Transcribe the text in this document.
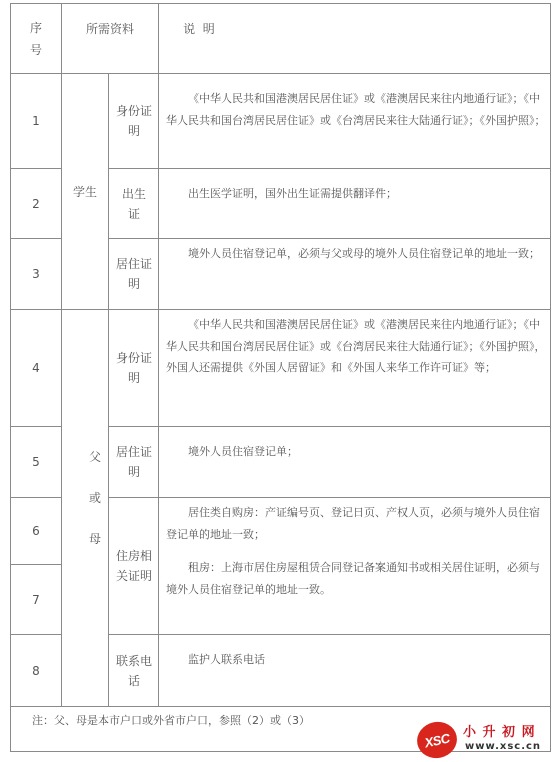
序号
所需资料	说  明
学生
父
或
母
1
2
3
4
5
6
7
8
身份证明
出生证
居住证明
身份证明
居住证明
住房相关证明
联系电话

《中华人民共和国港澳居民居住证》或《港澳居民来往内地通行证》；《中华人民共和国台湾居民居住证》或《台湾居民来往大陆通行证》；《外国护照》；

出生医学证明，国外出生证需提供翻译件；

境外人员住宿登记单，必须与父或母的境外人员住宿登记单的地址一致；

《中华人民共和国港澳居民居住证》或《港澳居民来往内地通行证》；《中华人民共和国台湾居民居住证》或《台湾居民来往大陆通行证》；《外国护照》，外国人还需提供《外国人居留证》和《外国人来华工作许可证》等；

境外人员住宿登记单；

居住类自购房：产证编号页、登记日页、产权人页，必须与境外人员住宿登记单的地址一致；

租房：上海市居住房屋租赁合同登记备案通知书或相关居住证明，必须与境外人员住宿登记单的地址一致。

监护人联系电话

注：父、母是本市户口或外省市户口，参照（2）或（3）
XSC 小 升 初 网
www.xsc.cn
